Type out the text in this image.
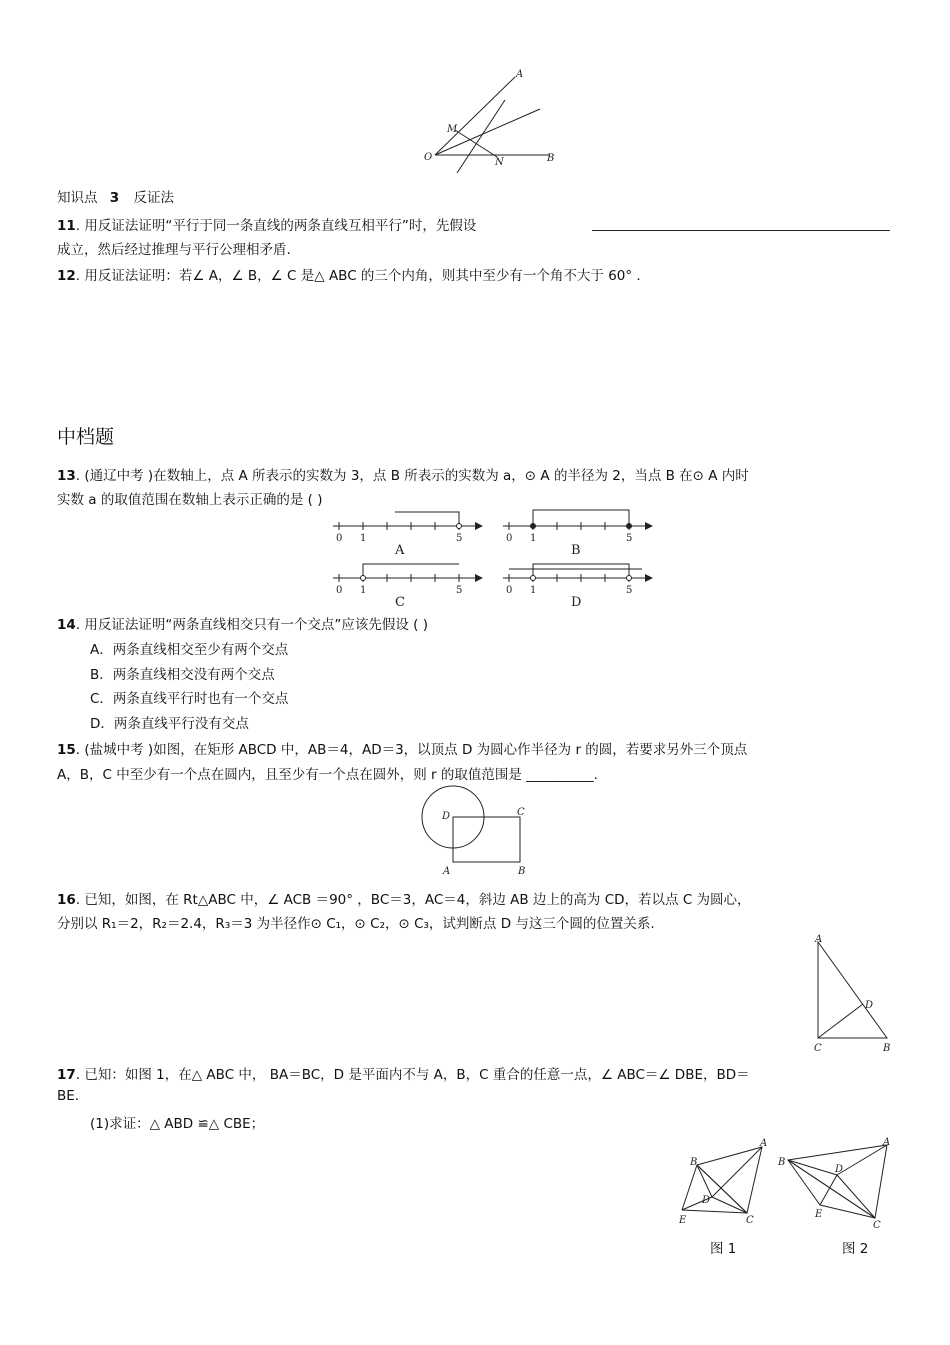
A
M
O	N	B
知识点 3 反证法
11. 用反证法证明“平行于同一条直线的两条直线互相平行”时，先假设
成立，然后经过推理与平行公理相矛盾.
12. 用反证法证明：若∠ A，∠ B，∠ C 是△ ABC 的三个内角，则其中至少有一个角不大于 60° .
中档题
13. (通辽中考 )在数轴上，点 A 所表示的实数为 3，点 B 所表示的实数为 a，⊙ A 的半径为 2，当点 B 在⊙ A 内时
实数 a 的取值范围在数轴上表示正确的是 ( )
0 1	5
A
0 1	5
B
0 1	5
C
0 1	5
D
14. 用反证法证明“两条直线相交只有一个交点”应该先假设 ( )
A．两条直线相交至少有两个交点
B．两条直线相交没有两个交点
C．两条直线平行时也有一个交点
D．两条直线平行没有交点
15. (盐城中考 )如图，在矩形 ABCD 中，AB＝4，AD＝3，以顶点 D 为圆心作半径为 r 的圆，若要求另外三个顶点
A，B，C 中至少有一个点在圆内，且至少有一个点在圆外，则 r 的取值范围是 __________.
D	C
A	B
16. 已知，如图，在 Rt△ABC 中，∠ ACB ＝90° ，BC＝3，AC＝4，斜边 AB 边上的高为 CD，若以点 C 为圆心，
分别以 R₁＝2，R₂＝2.4，R₃＝3 为半径作⊙ C₁，⊙ C₂，⊙ C₃，试判断点 D 与这三个圆的位置关系.
A
D
C	B
17. 已知：如图 1，在△ ABC 中， BA＝BC，D 是平面内不与 A，B，C 重合的任意一点，∠ ABC＝∠ DBE，BD＝
BE.
(1)求证：△ ABD ≌△ CBE；
A
B
D
E	C
图 1
A
B
D
E
C
图 2
